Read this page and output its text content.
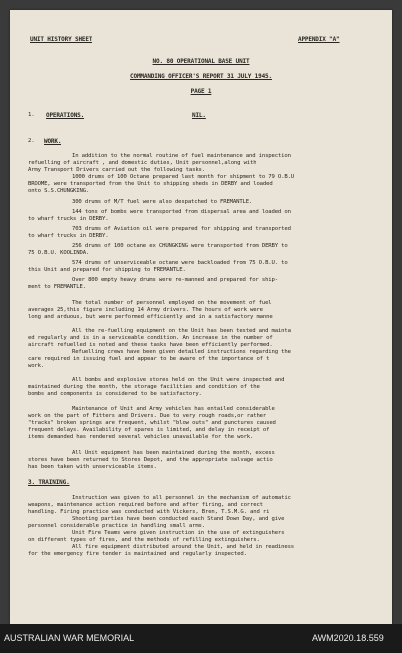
UNIT HISTORY SHEET	APPENDIX "A"
NO. 80 OPERATIONAL BASE UNIT
COMMANDING OFFICER'S REPORT 31 JULY 1945.
PAGE 1
1. OPERATIONS.	NIL.
2. WORK.
In addition to the normal routine of fuel maintenance and inspection
refuelling of aircraft , and domestic duties, Unit personnel,along with
Army Transport Drivers carried out the following tasks.
1000 drums of 100 Octane prepared last month for shipment to 79 O.B.U
BROOME, were transported from the Unit to shipping sheds in DERBY and loaded
onto S.S.CHUNGKING.
300 drums of M/T fuel were also despatched to FREMANTLE.
144 tons of bombs were transported from dispersal area and loaded on
to wharf trucks in DERBY.
703 drums of Aviation oil were prepared for shipping and transported
to wharf trucks in DERBY.
256 drums of 100 octane ex CHUNGKING were transported from DERBY to
75 O.B.U. KOOLINDA.
574 drums of unserviceable octane were backloaded from 75 O.B.U. to
this Unit and prepared for shipping to FREMANTLE.
Over 800 empty heavy drums were re-manned and prepared for ship-
ment to FREMANTLE.
The total number of personnel employed on the movement of fuel
averages 25,this figure including 14 Army drivers. The hours of work were
long and arduous, but were performed efficiently and in a satisfactory manne
All the re-fuelling equipment on the Unit has been tested and mainta
ed regularly and is in a serviceable condition. An increase in the number of
aircraft refuelled is noted and these tasks have been efficiently performed.
Refuelling crews have been given detailed instructions regarding the
care required in issuing fuel and appear to be aware of the importance of t
work.
All bombs and explosive stores held on the Unit were inspected and
maintained during the month, the storage facilities and condition of the
bombs and components is considered to be satisfactory.
Maintenance of Unit and Army vehicles has entailed considerable
work on the part of Fitters and Drivers. Due to very rough roads,or rather
"tracks" broken springs are frequent, whilst "blow outs" and punctures caused
frequent delays. Availability of spares is limited, and delay in receipt of
items demanded has rendered several vehicles unavailable for the work.
All Unit equipment has been maintained during the month, excess
stores have been returned to Stores Depot, and the appropriate salvage actio
has been taken with unserviceable items.
3. TRAINING.
Instruction was given to all personnel in the mechanism of automatic
weapons, maintenance action required before and after firing, and correct
handling. Firing practice was conducted with Vickers, Bren, T.S.M.G. and ri
Shooting parties have been conducted each Stand Down Day, and give
personnel considerable practice in handling small arms.
Unit Fire Teams were given instruction in the use of extinguishers
on different types of fires, and the methods of refilling extinguishers.
All fire equipment distributed around the Unit, and held in readiness
for the emergency fire tender is maintained and regularly inspected.
AUSTRALIAN WAR MEMORIAL	AWM2020.18.559
